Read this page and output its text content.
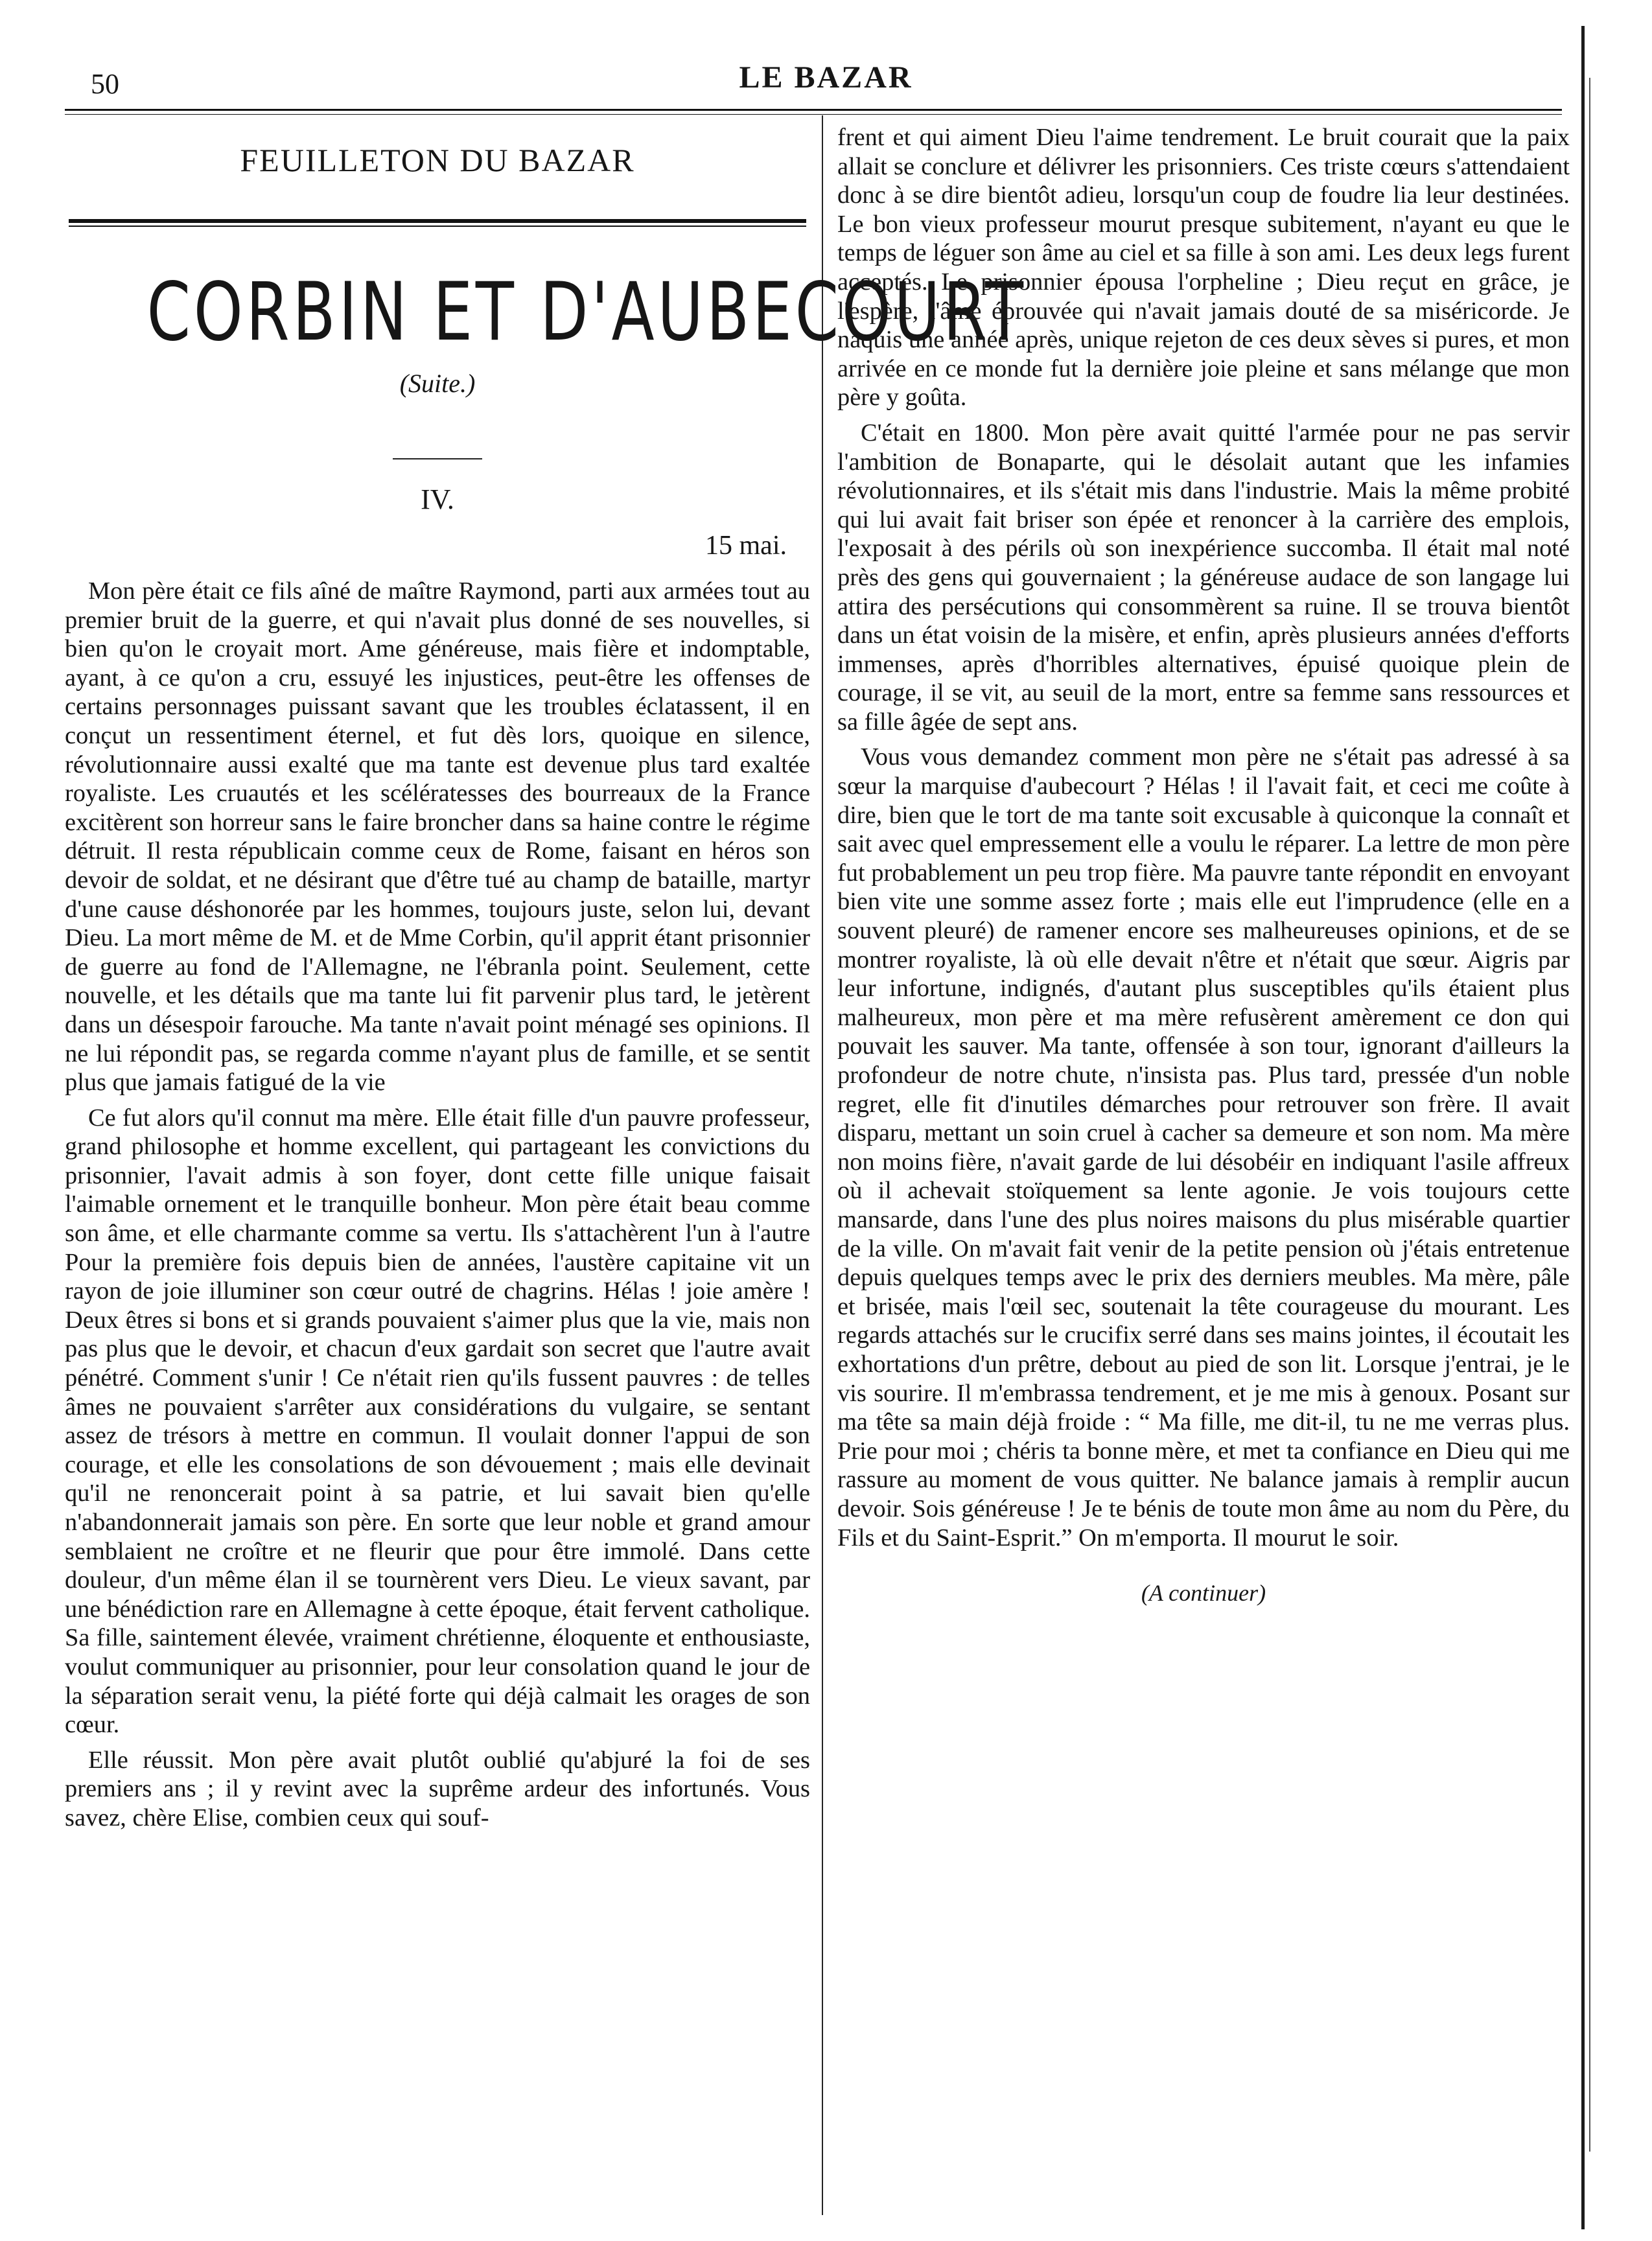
50	LE BAZAR
FEUILLETON DU BAZAR
CORBIN ET D'AUBECOURT
(Suite.)
IV.
15 mai.

Mon père était ce fils aîné de maître Raymond, parti aux armées tout au premier bruit de la guerre, et qui n'avait plus donné de ses nouvelles, si bien qu'on le croyait mort. Ame généreuse, mais fière et indomptable, ayant, à ce qu'on a cru, essuyé les injustices, peut-être les offenses de certains personnages puissant savant que les troubles éclatassent, il en conçut un ressentiment éternel, et fut dès lors, quoique en silence, révolutionnaire aussi exalté que ma tante est devenue plus tard exaltée royaliste. Les cruautés et les scélératesses des bourreaux de la France excitèrent son horreur sans le faire broncher dans sa haine contre le régime détruit. Il resta républicain comme ceux de Rome, faisant en héros son devoir de soldat, et ne désirant que d'être tué au champ de bataille, martyr d'une cause déshonorée par les hommes, toujours juste, selon lui, devant Dieu. La mort même de M. et de Mme Corbin, qu'il apprit étant prisonnier de guerre au fond de l'Allemagne, ne l'ébranla point. Seulement, cette nouvelle, et les détails que ma tante lui fit parvenir plus tard, le jetèrent dans un désespoir farouche. Ma tante n'avait point ménagé ses opinions. Il ne lui répondit pas, se regarda comme n'ayant plus de famille, et se sentit plus que jamais fatigué de la vie

Ce fut alors qu'il connut ma mère. Elle était fille d'un pauvre professeur, grand philosophe et homme excellent, qui partageant les convictions du prisonnier, l'avait admis à son foyer, dont cette fille unique faisait l'aimable ornement et le tranquille bonheur. Mon père était beau comme son âme, et elle charmante comme sa vertu. Ils s'attachèrent l'un à l'autre Pour la première fois depuis bien de années, l'austère capitaine vit un rayon de joie illuminer son cœur outré de chagrins. Hélas ! joie amère ! Deux êtres si bons et si grands pouvaient s'aimer plus que la vie, mais non pas plus que le devoir, et chacun d'eux gardait son secret que l'autre avait pénétré. Comment s'unir ! Ce n'était rien qu'ils fussent pauvres : de telles âmes ne pouvaient s'arrêter aux considérations du vulgaire, se sentant assez de trésors à mettre en commun. Il voulait donner l'appui de son courage, et elle les consolations de son dévouement ; mais elle devinait qu'il ne renoncerait point à sa patrie, et lui savait bien qu'elle n'abandonnerait jamais son père. En sorte que leur noble et grand amour semblaient ne croître et ne fleurir que pour être immolé. Dans cette douleur, d'un même élan il se tournèrent vers Dieu. Le vieux savant, par une bénédiction rare en Allemagne à cette époque, était fervent catholique. Sa fille, saintement élevée, vraiment chrétienne, éloquente et enthousiaste, voulut communiquer au prisonnier, pour leur consolation quand le jour de la séparation serait venu, la piété forte qui déjà calmait les orages de son cœur.

Elle réussit. Mon père avait plutôt oublié qu'abjuré la foi de ses premiers ans ; il y revint avec la suprême ardeur des infortunés. Vous savez, chère Elise, combien ceux qui souf-

frent et qui aiment Dieu l'aime tendrement. Le bruit courait que la paix allait se conclure et délivrer les prisonniers. Ces triste cœurs s'attendaient donc à se dire bientôt adieu, lorsqu'un coup de foudre lia leur destinées. Le bon vieux professeur mourut presque subitement, n'ayant eu que le temps de léguer son âme au ciel et sa fille à son ami. Les deux legs furent acceptés. Le prisonnier épousa l'orpheline ; Dieu reçut en grâce, je l'espère, l'âme éprouvée qui n'avait jamais douté de sa miséricorde. Je naquis une année après, unique rejeton de ces deux sèves si pures, et mon arrivée en ce monde fut la dernière joie pleine et sans mélange que mon père y goûta.

C'était en 1800. Mon père avait quitté l'armée pour ne pas servir l'ambition de Bonaparte, qui le désolait autant que les infamies révolutionnaires, et ils s'était mis dans l'industrie. Mais la même probité qui lui avait fait briser son épée et renoncer à la carrière des emplois, l'exposait à des périls où son inexpérience succomba. Il était mal noté près des gens qui gouvernaient ; la généreuse audace de son langage lui attira des persécutions qui consommèrent sa ruine. Il se trouva bientôt dans un état voisin de la misère, et enfin, après plusieurs années d'efforts immenses, après d'horribles alternatives, épuisé quoique plein de courage, il se vit, au seuil de la mort, entre sa femme sans ressources et sa fille âgée de sept ans.

Vous vous demandez comment mon père ne s'était pas adressé à sa sœur la marquise d'aubecourt ? Hélas ! il l'avait fait, et ceci me coûte à dire, bien que le tort de ma tante soit excusable à quiconque la connaît et sait avec quel empressement elle a voulu le réparer. La lettre de mon père fut probablement un peu trop fière. Ma pauvre tante répondit en envoyant bien vite une somme assez forte ; mais elle eut l'imprudence (elle en a souvent pleuré) de ramener encore ses malheureuses opinions, et de se montrer royaliste, là où elle devait n'être et n'était que sœur. Aigris par leur infortune, indignés, d'autant plus susceptibles qu'ils étaient plus malheureux, mon père et ma mère refusèrent amèrement ce don qui pouvait les sauver. Ma tante, offensée à son tour, ignorant d'ailleurs la profondeur de notre chute, n'insista pas. Plus tard, pressée d'un noble regret, elle fit d'inutiles démarches pour retrouver son frère. Il avait disparu, mettant un soin cruel à cacher sa demeure et son nom. Ma mère non moins fière, n'avait garde de lui désobéir en indiquant l'asile affreux où il achevait stoïquement sa lente agonie. Je vois toujours cette mansarde, dans l'une des plus noires maisons du plus misérable quartier de la ville. On m'avait fait venir de la petite pension où j'étais entretenue depuis quelques temps avec le prix des derniers meubles. Ma mère, pâle et brisée, mais l'œil sec, soutenait la tête courageuse du mourant. Les regards attachés sur le crucifix serré dans ses mains jointes, il écoutait les exhortations d'un prêtre, debout au pied de son lit. Lorsque j'entrai, je le vis sourire. Il m'embrassa tendrement, et je me mis à genoux. Posant sur ma tête sa main déjà froide : “ Ma fille, me dit-il, tu ne me verras plus. Prie pour moi ; chéris ta bonne mère, et met ta confiance en Dieu qui me rassure au moment de vous quitter. Ne balance jamais à remplir aucun devoir. Sois généreuse ! Je te bénis de toute mon âme au nom du Père, du Fils et du Saint-Esprit.” On m'emporta. Il mourut le soir.

(A continuer)
